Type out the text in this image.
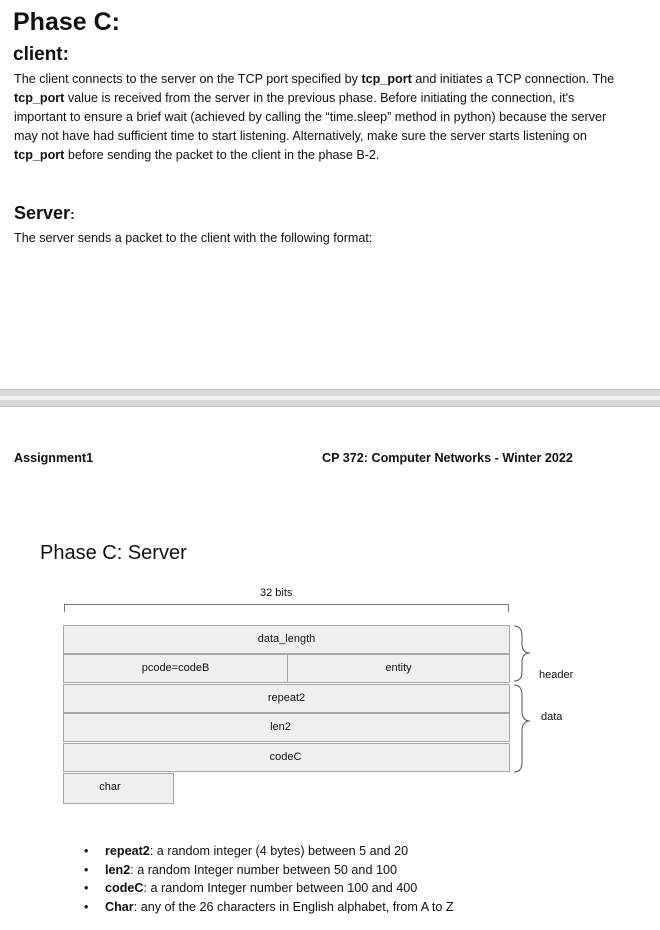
Phase C:
client:

The client connects to the server on the TCP port specified by tcp_port and initiates a TCP connection. The tcp_port value is received from the server in the previous phase. Before initiating the connection, it's important to ensure a brief wait (achieved by calling the “time.sleep” method in python) because the server may not have had sufficient time to start listening. Alternatively, make sure the server starts listening on tcp_port before sending the packet to the client in the phase B-2.

Server:

The server sends a packet to the client with the following format:

Assignment1	CP 372: Computer Networks - Winter 2022
Phase C: Server
32 bits
data_length
pcode=codeB	entity
repeat2
len2
codeC
char
header
data
• repeat2: a random integer (4 bytes) between 5 and 20
• len2: a random Integer number between 50 and 100
• codeC: a random Integer number between 100 and 400
• Char: any of the 26 characters in English alphabet, from A to Z
